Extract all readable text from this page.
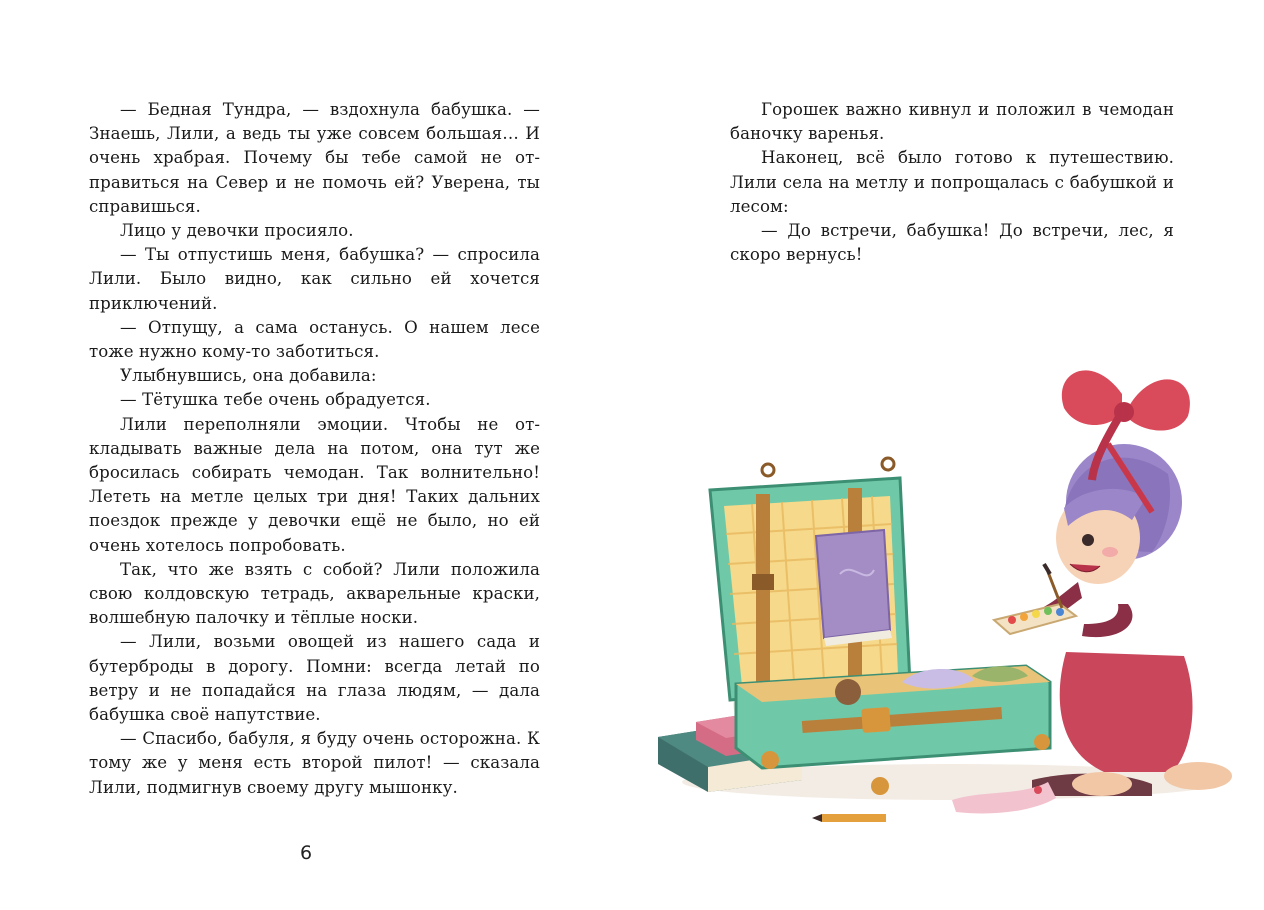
— Бедная Тундра, — вздохнула бабушка. — Знаешь, Лили, а ведь ты уже совсем большая… И очень храбрая. Почему бы тебе самой не отправиться на Север и не помочь ей? Уверена, ты справишься.

Лицо у девочки просияло.

— Ты отпустишь меня, бабушка? — спросила Лили. Было видно, как сильно ей хочется приключений.

— Отпущу, а сама останусь. О нашем лесе тоже нужно кому-то заботиться.

Улыбнувшись, она добавила:

— Тётушка тебе очень обрадуется.

Лили переполняли эмоции. Чтобы не откладывать важные дела на потом, она тут же бросилась собирать чемодан. Так волнительно! Лететь на метле целых три дня! Таких дальних поездок прежде у девочки ещё не было, но ей очень хотелось попробовать.

Так, что же взять с собой? Лили положила свою колдовскую тетрадь, акварельные краски, волшебную палочку и тёплые носки.

— Лили, возьми овощей из нашего сада и бутерброды в дорогу. Помни: всегда летай по ветру и не попадайся на глаза людям, — дала бабушка своё напутствие.

— Спасибо, бабуля, я буду очень осторожна. К тому же у меня есть второй пилот! — сказала Лили, подмигнув своему другу мышонку.

6

Горошек важно кивнул и положил в чемодан баночку варенья.

Наконец, всё было готово к путешествию. Лили села на метлу и попрощалась с бабушкой и лесом:

— До встречи, бабушка! До встречи, лес, я скоро вернусь!
